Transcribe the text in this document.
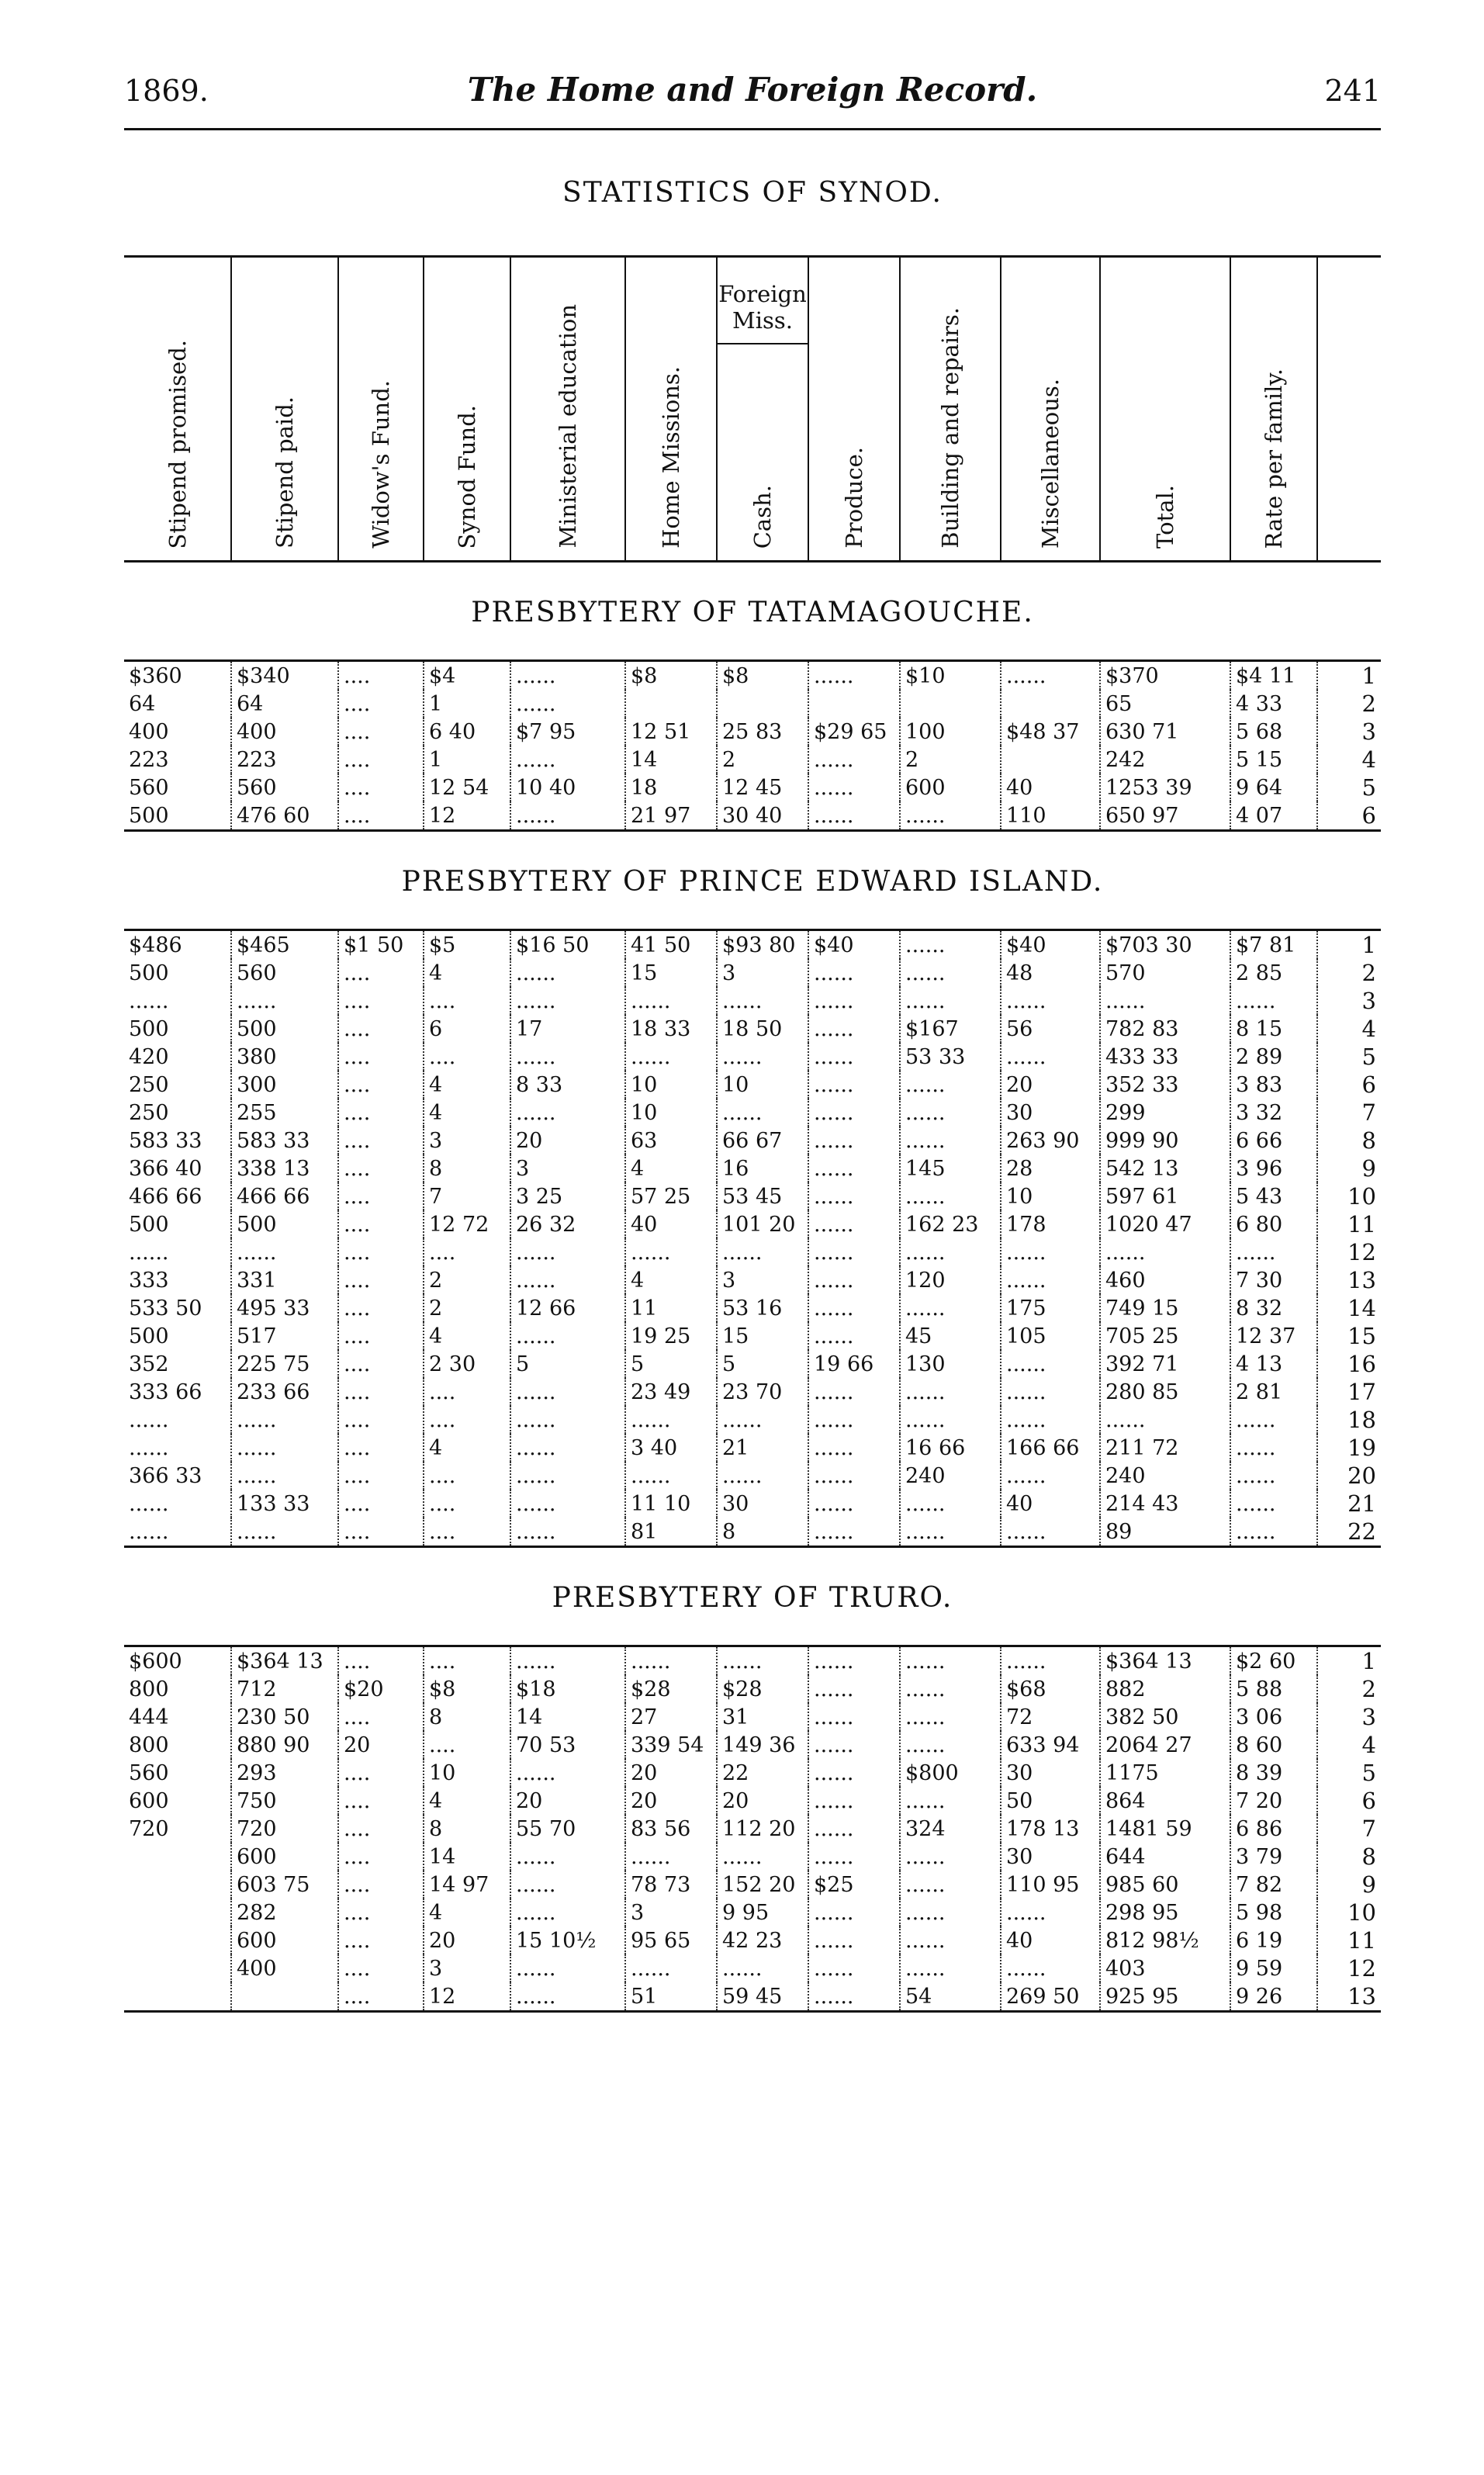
1869.	The Home and Foreign Record.	241
STATISTICS OF SYNOD.
Stipend promised.	Stipend paid.	Widow's Fund.	Synod Fund.	Ministerial education	Home Missions.	Cash.
Foreign Miss.
	Produce.	Building and repairs.	Miscellaneous.	Total.	Rate per family.	
PRESBYTERY OF TATAMAGOUCHE.
$360	$340	....	$4	......	$8	$8	......	$10	......	$370	$4 11	1
64	64	....	1	......						65	4 33	2
400	400	....	6 40	$7 95	12 51	25 83	$29 65	100	$48 37	630 71	5 68	3
223	223	....	1	......	14	2	......	2		242	5 15	4
560	560	....	12 54	10 40	18	12 45	......	600	40	1253 39	9 64	5
500	476 60	....	12	......	21 97	30 40	......	......	110	650 97	4 07	6
PRESBYTERY OF PRINCE EDWARD ISLAND.
$486	$465	$1 50	$5	$16 50	41 50	$93 80	$40	......	$40	$703 30	$7 81	1
500	560	....	4	......	15	3	......	......	48	570	2 85	2
......	......	....	....	......	......	......	......	......	......	......	......	3
500	500	....	6	17	18 33	18 50	......	$167	56	782 83	8 15	4
420	380	....	....	......	......	......	......	53 33	......	433 33	2 89	5
250	300	....	4	8 33	10	10	......	......	20	352 33	3 83	6
250	255	....	4	......	10	......	......	......	30	299	3 32	7
583 33	583 33	....	3	20	63	66 67	......	......	263 90	999 90	6 66	8
366 40	338 13	....	8	3	4	16	......	145	28	542 13	3 96	9
466 66	466 66	....	7	3 25	57 25	53 45	......	......	10	597 61	5 43	10
500	500	....	12 72	26 32	40	101 20	......	162 23	178	1020 47	6 80	11
......	......	....	....	......	......	......	......	......	......	......	......	12
333	331	....	2	......	4	3	......	120	......	460	7 30	13
533 50	495 33	....	2	12 66	11	53 16	......	......	175	749 15	8 32	14
500	517	....	4	......	19 25	15	......	45	105	705 25	12 37	15
352	225 75	....	2 30	5	5	5	19 66	130	......	392 71	4 13	16
333 66	233 66	....	....	......	23 49	23 70	......	......	......	280 85	2 81	17
......	......	....	....	......	......	......	......	......	......	......	......	18
......	......	....	4	......	3 40	21	......	16 66	166 66	211 72	......	19
366 33	......	....	....	......	......	......	......	240	......	240	......	20
......	133 33	....	....	......	11 10	30	......	......	40	214 43	......	21
......	......	....	....	......	81	8	......	......	......	89	......	22
PRESBYTERY OF TRURO.
$600	$364 13	....	....	......	......	......	......	......	......	$364 13	$2 60	1
800	712	$20	$8	$18	$28	$28	......	......	$68	882	5 88	2
444	230 50	....	8	14	27	31	......	......	72	382 50	3 06	3
800	880 90	20	....	70 53	339 54	149 36	......	......	633 94	2064 27	8 60	4
560	293	....	10	......	20	22	......	$800	30	1175	8 39	5
600	750	....	4	20	20	20	......	......	50	864	7 20	6
720	720	....	8	55 70	83 56	112 20	......	324	178 13	1481 59	6 86	7
	600	....	14	......	......	......	......	......	30	644	3 79	8
	603 75	....	14 97	......	78 73	152 20	$25	......	110 95	985 60	7 82	9
	282	....	4	......	3	9 95	......	......	......	298 95	5 98	10
	600	....	20	15 10½	95 65	42 23	......	......	40	812 98½	6 19	11
	400	....	3	......	......	......	......	......	......	403	9 59	12
		....	12	......	51	59 45	......	54	269 50	925 95	9 26	13
